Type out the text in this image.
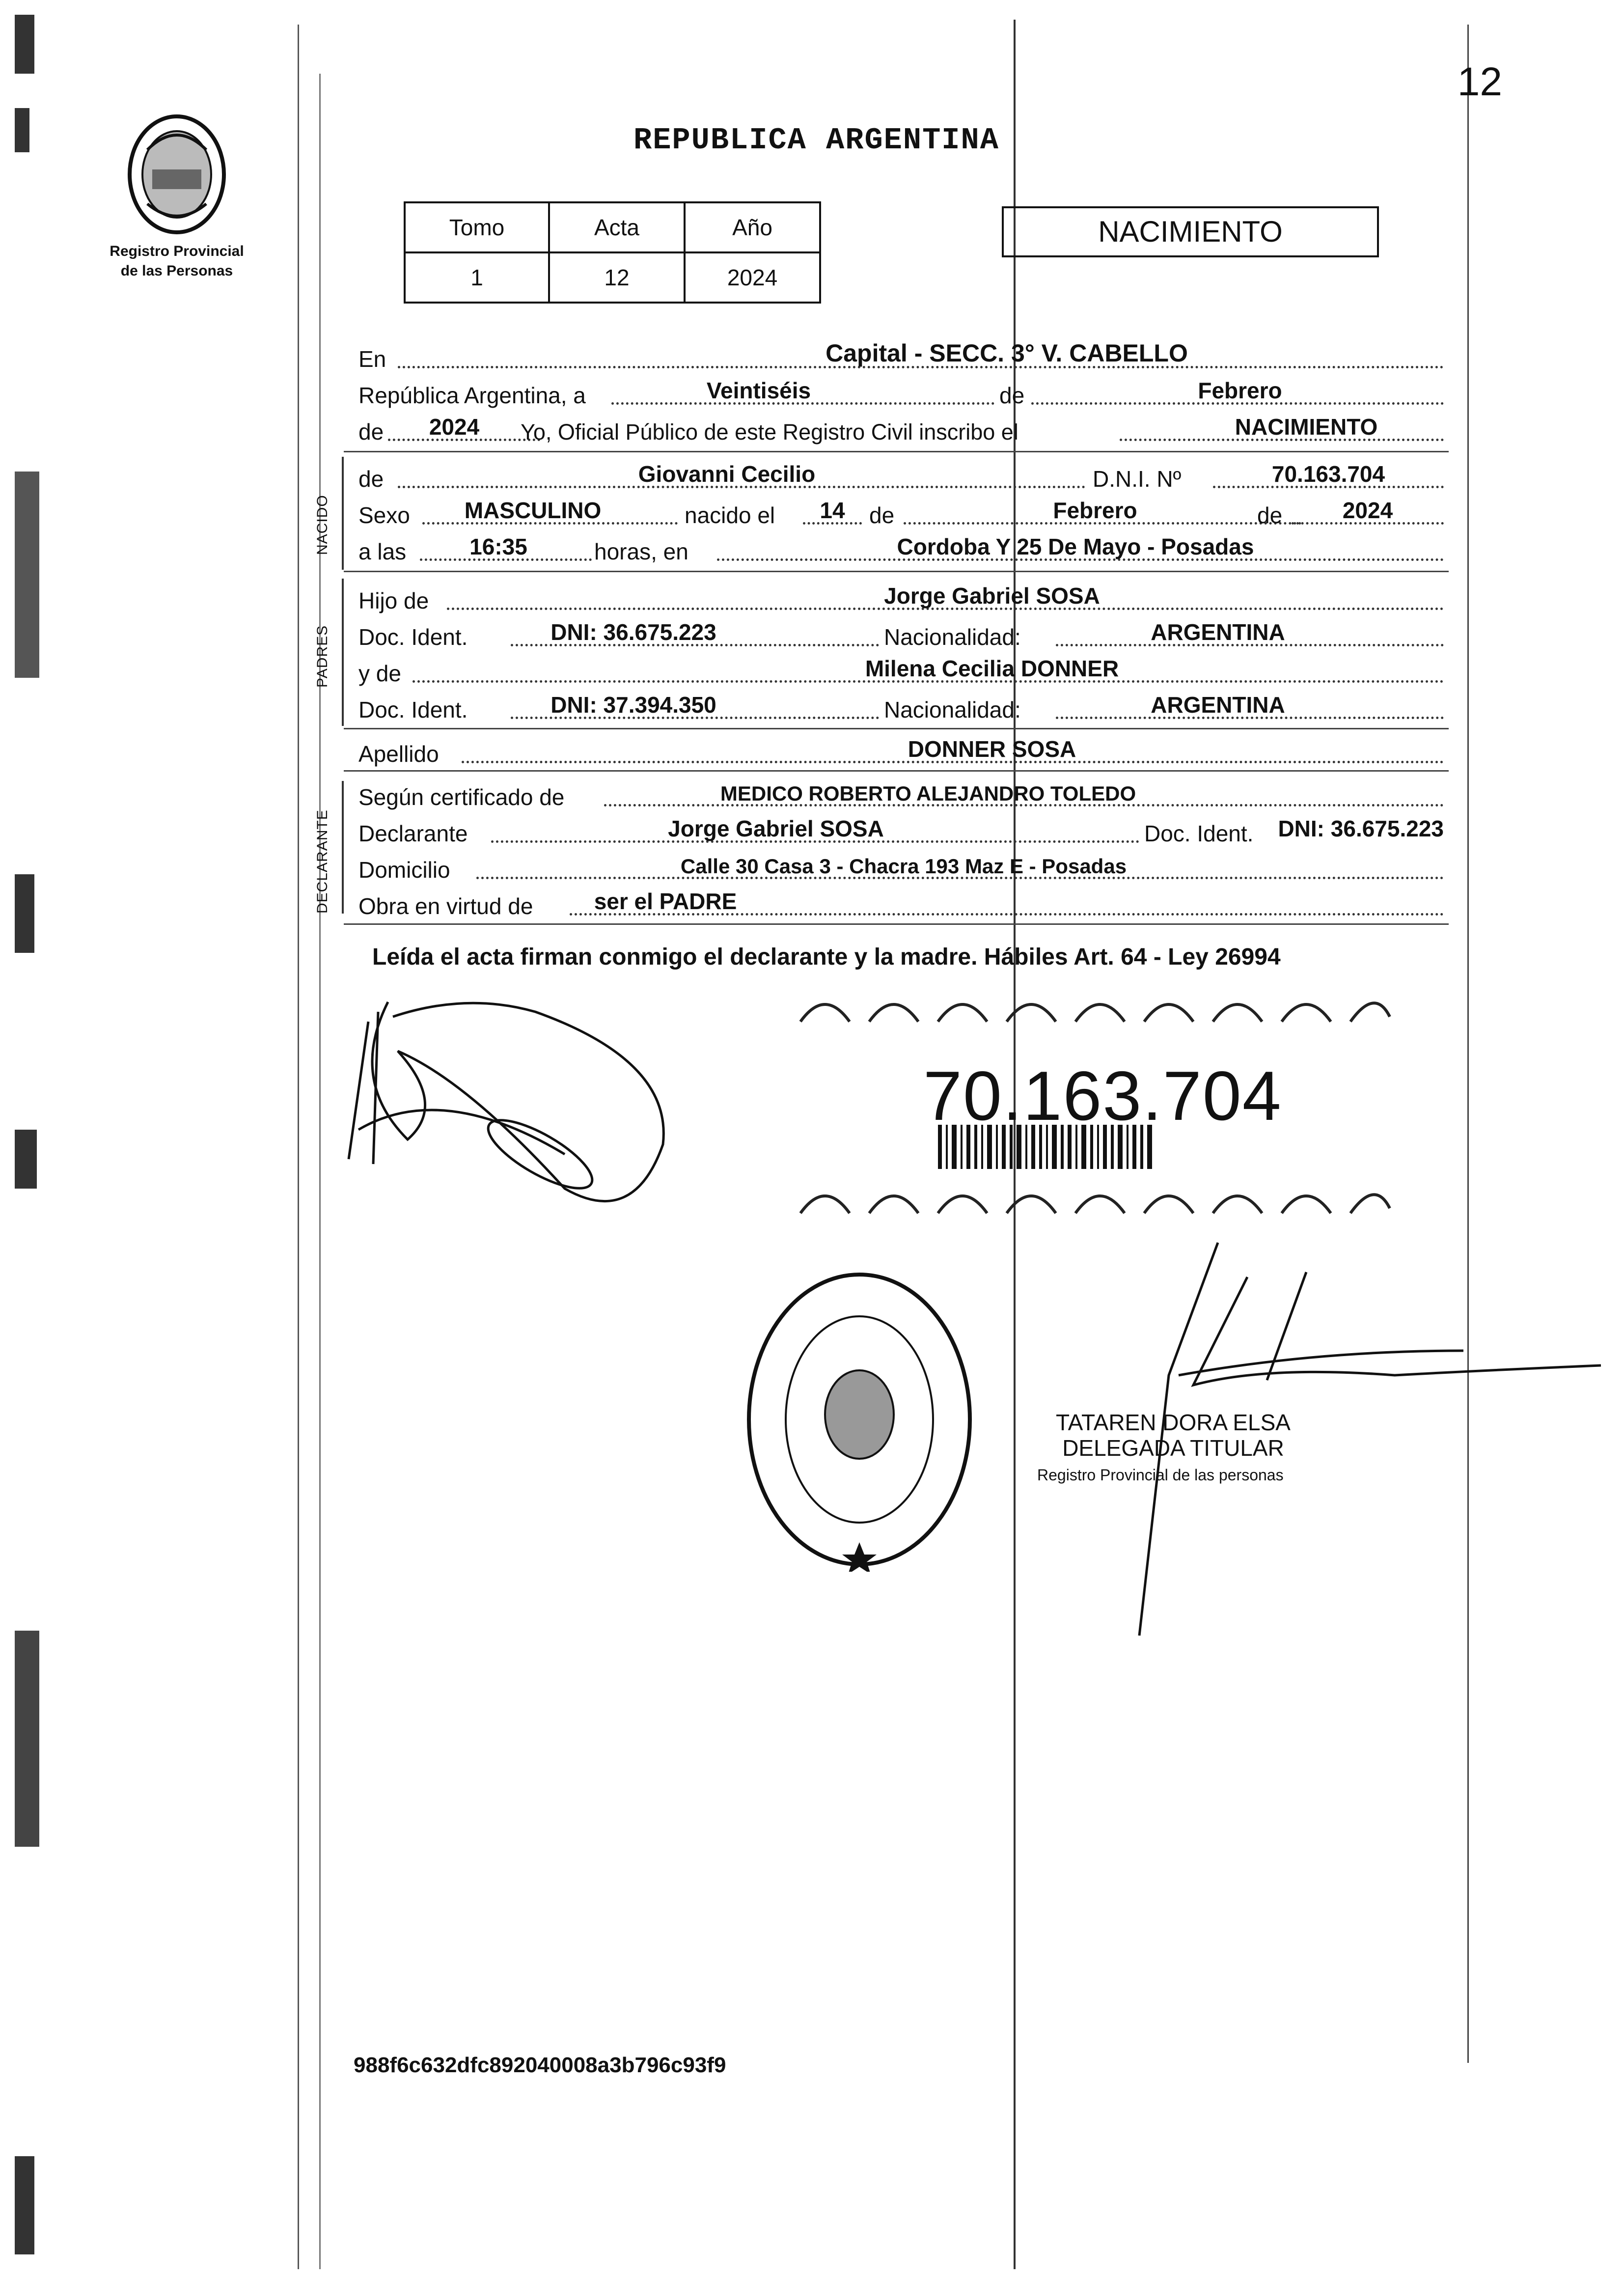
Registro Provincial
de las Personas
12
REPUBLICA ARGENTINA
Tomo	Acta	Año
1	12	2024
NACIMIENTO
En	Capital - SECC. 3° V. CABELLO
República Argentina, a	Veintiséis	de	Febrero
de	2024	Yo, Oficial Público de este Registro Civil inscribo el	NACIMIENTO
NACIDO
de	Giovanni Cecilio	D.N.I. Nº	70.163.704
Sexo	MASCULINO	nacido el	14	de	Febrero	de	2024
a las	16:35	horas, en	Cordoba Y 25 De Mayo - Posadas
PADRES
Hijo de	Jorge Gabriel SOSA
Doc. Ident.	DNI: 36.675.223	Nacionalidad:	ARGENTINA
y de	Milena Cecilia DONNER
Doc. Ident.	DNI: 37.394.350	Nacionalidad:	ARGENTINA
Apellido	DONNER SOSA
DECLARANTE
Según certificado de	MEDICO ROBERTO ALEJANDRO TOLEDO
Declarante	Jorge Gabriel SOSA	Doc. Ident.	DNI: 36.675.223
Domicilio	Calle 30 Casa 3 - Chacra 193 Maz E - Posadas
Obra en virtud de	ser el PADRE
Leída el acta firman conmigo el declarante y la madre. Hábiles Art. 64 - Ley 26994
70.163.704
TATAREN DORA ELSA
DELEGADA TITULAR
Registro Provincial de las personas
988f6c632dfc892040008a3b796c93f9
